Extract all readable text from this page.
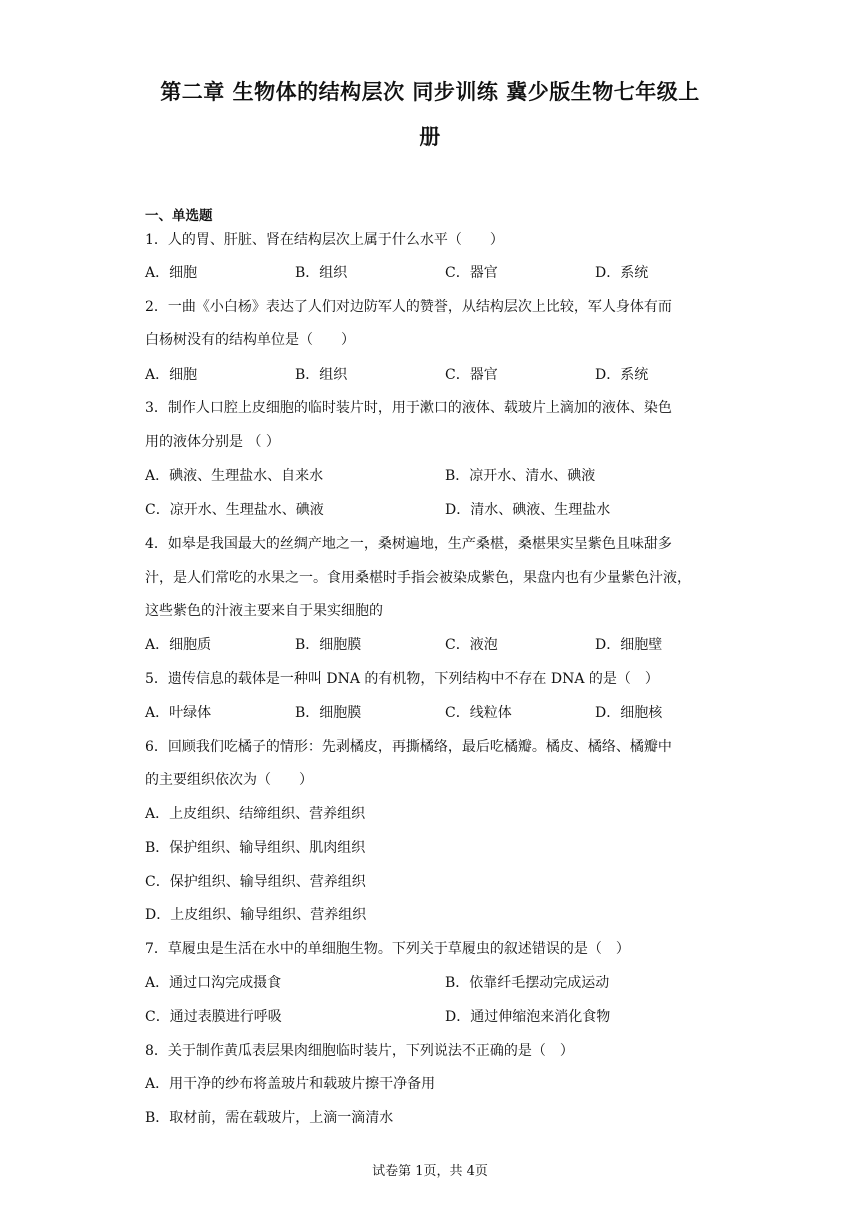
第二章 生物体的结构层次 同步训练 冀少版生物七年级上
册
一、单选题
1．人的胃、肝脏、肾在结构层次上属于什么水平（　　）
A．细胞	B．组织	C．器官	D．系统
2．一曲《小白杨》表达了人们对边防军人的赞誉，从结构层次上比较，军人身体有而
白杨树没有的结构单位是（　　）
A．细胞	B．组织	C．器官	D．系统
3．制作人口腔上皮细胞的临时装片时，用于漱口的液体、载玻片上滴加的液体、染色
用的液体分别是 （ ）
A．碘液、生理盐水、自来水	B．凉开水、清水、碘液
C．凉开水、生理盐水、碘液	D．清水、碘液、生理盐水
4．如皋是我国最大的丝绸产地之一，桑树遍地，生产桑椹，桑椹果实呈紫色且味甜多
汁，是人们常吃的水果之一。食用桑椹时手指会被染成紫色，果盘内也有少量紫色汁液，
这些紫色的汁液主要来自于果实细胞的
A．细胞质	B．细胞膜	C．液泡	D．细胞壁
5．遗传信息的载体是一种叫 DNA 的有机物，下列结构中不存在 DNA 的是（　）
A．叶绿体	B．细胞膜	C．线粒体	D．细胞核
6．回顾我们吃橘子的情形：先剥橘皮，再撕橘络，最后吃橘瓣。橘皮、橘络、橘瓣中
的主要组织依次为（　　）
A．上皮组织、结缔组织、营养组织
B．保护组织、输导组织、肌肉组织
C．保护组织、输导组织、营养组织
D．上皮组织、输导组织、营养组织
7．草履虫是生活在水中的单细胞生物。下列关于草履虫的叙述错误的是（　）
A．通过口沟完成摄食	B．依靠纤毛摆动完成运动
C．通过表膜进行呼吸	D．通过伸缩泡来消化食物
8．关于制作黄瓜表层果肉细胞临时装片，下列说法不正确的是（　）
A．用干净的纱布将盖玻片和载玻片擦干净备用
B．取材前，需在载玻片，上滴一滴清水
试卷第 1页，共 4页
